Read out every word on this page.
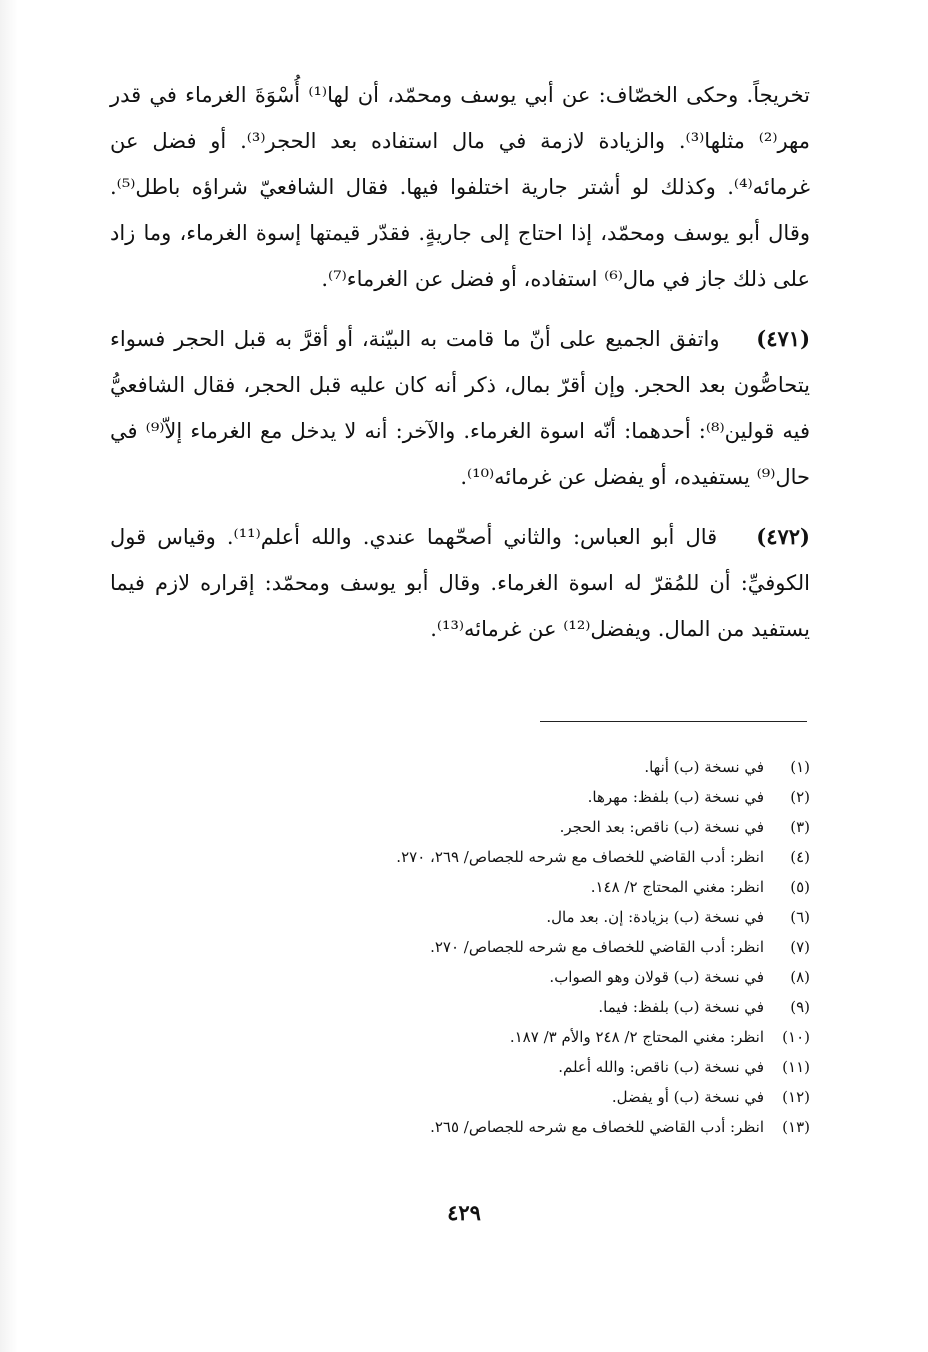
تخريجاً. وحكى الخصّاف: عن أبي يوسف ومحمّد، أن لها⁽¹⁾ أُسْوَةَ الغرماء في قدر مهر⁽²⁾ مثلها⁽³⁾. والزيادة لازمة في مال استفاده بعد الحجر⁽³⁾. أو فضل عن غرمائه⁽⁴⁾. وكذلك لو أشتر جارية اختلفوا فيها. فقال الشافعيّ شراؤه باطل⁽⁵⁾. وقال أبو يوسف ومحمّد، إذا احتاج إلى جاريةٍ. فقدّر قيمتها إسوة الغرماء، وما زاد على ذلك جاز في مال⁽⁶⁾ استفاده، أو فضل عن الغرماء⁽⁷⁾.

(٤٧١) واتفق الجميع على أنّ ما قامت به البيّنة، أو أقرَّ به قبل الحجر فسواء يتحاصُّون بعد الحجر. وإن أقرّ بمال، ذكر أنه كان عليه قبل الحجر، فقال الشافعيُّ فيه قولين⁽⁸⁾: أحدهما: أنّه اسوة الغرماء. والآخر: أنه لا يدخل مع الغرماء إلاّ⁽⁹⁾ في حال⁽⁹⁾ يستفيده، أو يفضل عن غرمائه⁽¹⁰⁾.

(٤٧٢) قال أبو العباس: والثاني أصحّهما عندي. والله أعلم⁽¹¹⁾. وقياس قول الكوفيِّ: أن للمُقرّ له اسوة الغرماء. وقال أبو يوسف ومحمّد: إقراره لازم فيما يستفيد من المال. ويفضل⁽¹²⁾ عن غرمائه⁽¹³⁾.

(١)
في نسخة (ب) أنها.
(٢)
في نسخة (ب) بلفظ: مهرها.
(٣)
في نسخة (ب) ناقص: بعد الحجر.
(٤)
انظر: أدب القاضي للخصاف مع شرحه للجصاص/ ٢٦٩، ٢٧٠.
(٥)
انظر: مغني المحتاج ٢/ ١٤٨.
(٦)
في نسخة (ب) بزيادة: إن. بعد مال.
(٧)
انظر: أدب القاضي للخصاف مع شرحه للجصاص/ ٢٧٠.
(٨)
في نسخة (ب) قولان وهو الصواب.
(٩)
في نسخة (ب) بلفظ: فيما.
(١٠)
انظر: مغني المحتاج ٢/ ٢٤٨ والأم ٣/ ١٨٧.
(١١)
في نسخة (ب) ناقص: والله أعلم.
(١٢)
في نسخة (ب) أو يفضل.
(١٣)
انظر: أدب القاضي للخصاف مع شرحه للجصاص/ ٢٦٥.
٤٢٩
